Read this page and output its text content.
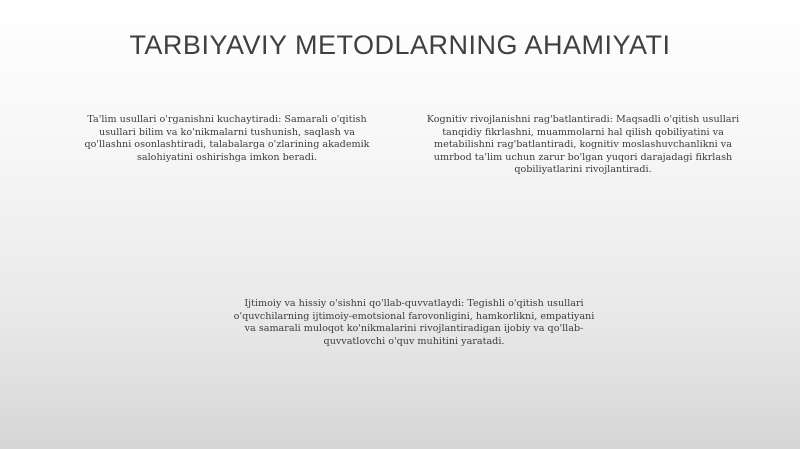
TARBIYAVIY METODLARNING AHAMIYATI

Ta'lim usullari o'rganishni kuchaytiradi: Samarali o'qitish usullari bilim va ko'nikmalarni tushunish, saqlash va qo'llashni osonlashtiradi, talabalarga o'zlarining akademik salohiyatini oshirishga imkon beradi.

Kognitiv rivojlanishni rag'batlantiradi: Maqsadli o'qitish usullari tanqidiy fikrlashni, muammolarni hal qilish qobiliyatini va metabilishni rag'batlantiradi, kognitiv moslashuvchanlikni va umrbod ta'lim uchun zarur bo'lgan yuqori darajadagi fikrlash qobiliyatlarini rivojlantiradi.

Ijtimoiy va hissiy o'sishni qo'llab-quvvatlaydi: Tegishli o'qitish usullari o'quvchilarning ijtimoiy-emotsional farovonligini, hamkorlikni, empatiyani va samarali muloqot ko'nikmalarini rivojlantiradigan ijobiy va qo'llab-quvvatlovchi o'quv muhitini yaratadi.
